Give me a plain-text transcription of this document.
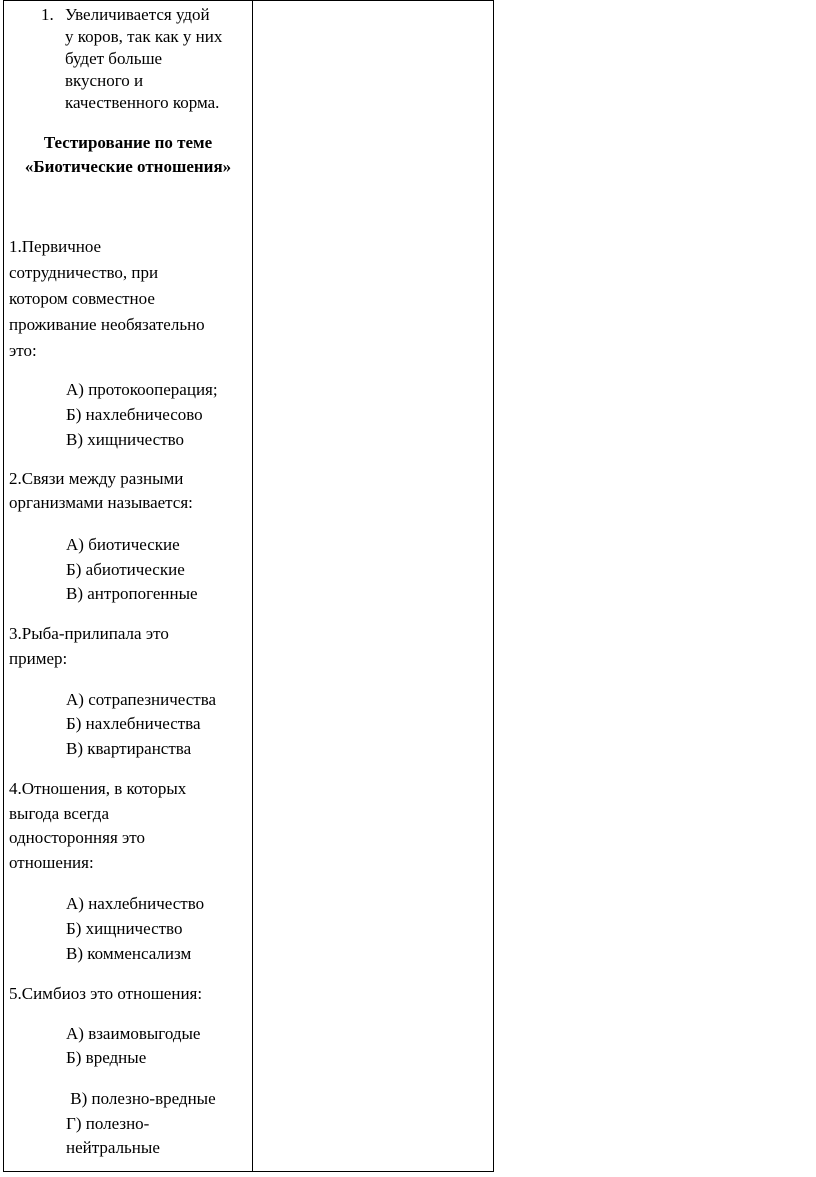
1. Увеличивается удой
у коров, так как у них
будет больше
вкусного и
качественного корма.
Тестирование по теме
«Биотические отношения»
1.Первичное
сотрудничество, при
котором совместное
проживание необязательно
это:
А) протокооперация;
Б) нахлебничесово
В) хищничество
2.Связи между разными
организмами называется:
А) биотические
Б) абиотические
В) антропогенные
3.Рыба-прилипала это
пример:
А) сотрапезничества
Б) нахлебничества
В) квартиранства
4.Отношения, в которых
выгода всегда
односторонняя это
отношения:
А) нахлебничество
Б) хищничество
В) комменсализм
5.Симбиоз это отношения:
А) взаимовыгодые
Б) вредные
В) полезно-вредные
Г) полезно-
нейтральные
